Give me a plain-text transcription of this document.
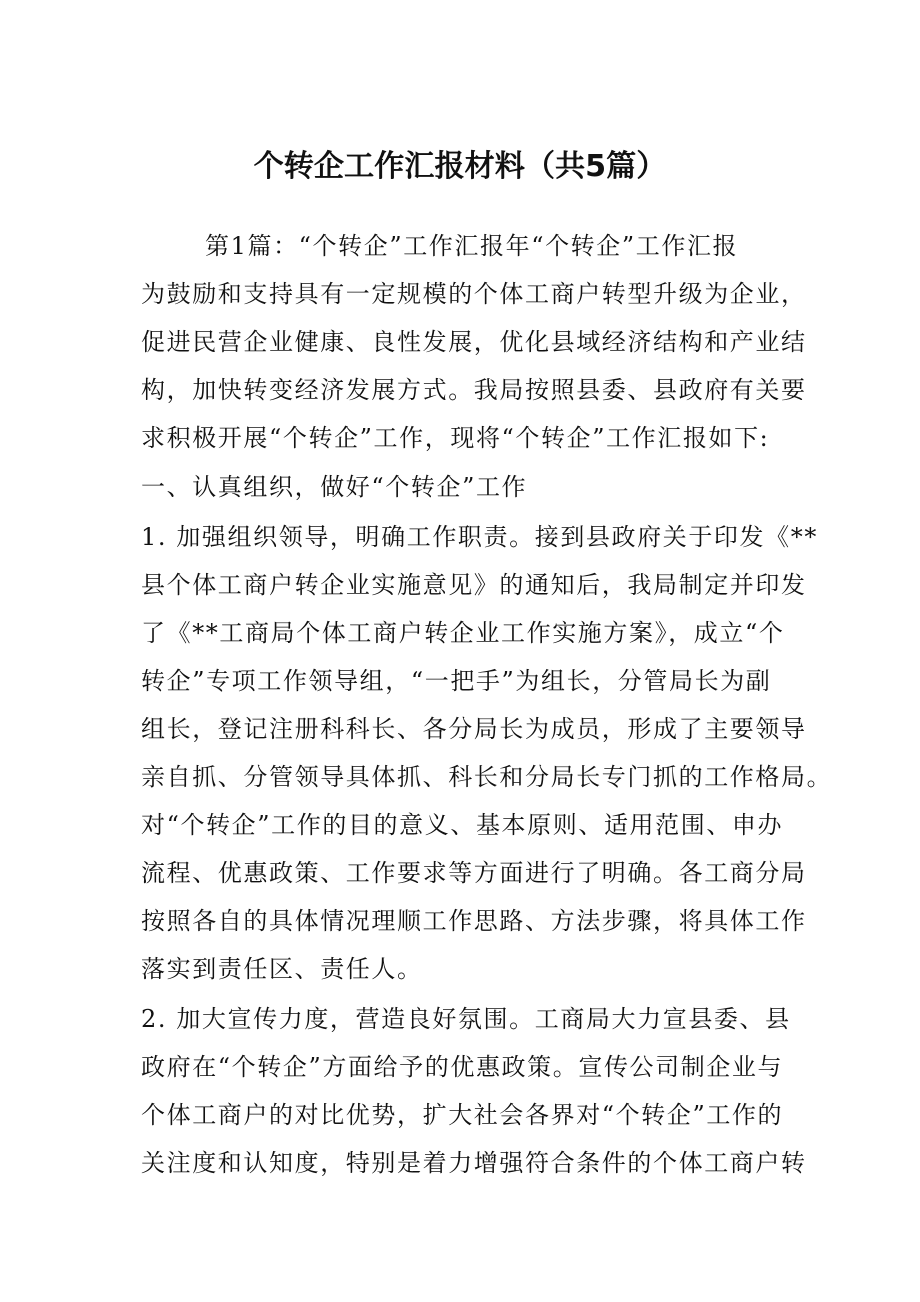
个转企工作汇报材料（共5篇）
第1篇：“个转企”工作汇报年“个转企”工作汇报
为鼓励和支持具有一定规模的个体工商户转型升级为企业，
促进民营企业健康、良性发展，优化县域经济结构和产业结
构，加快转变经济发展方式。我局按照县委、县政府有关要
求积极开展“个转企”工作，现将“个转企”工作汇报如下:
一、认真组织，做好“个转企”工作
1. 加强组织领导，明确工作职责。接到县政府关于印发《**
县个体工商户转企业实施意见》的通知后，我局制定并印发
了《**工商局个体工商户转企业工作实施方案》，成立“个
转企”专项工作领导组，“一把手”为组长，分管局长为副
组长，登记注册科科长、各分局长为成员，形成了主要领导
亲自抓、分管领导具体抓、科长和分局长专门抓的工作格局。
对“个转企”工作的目的意义、基本原则、适用范围、申办
流程、优惠政策、工作要求等方面进行了明确。各工商分局
按照各自的具体情况理顺工作思路、方法步骤，将具体工作
落实到责任区、责任人。
2. 加大宣传力度，营造良好氛围。工商局大力宣县委、县
政府在“个转企”方面给予的优惠政策。宣传公司制企业与
个体工商户的对比优势，扩大社会各界对“个转企”工作的
关注度和认知度，特别是着力增强符合条件的个体工商户转
